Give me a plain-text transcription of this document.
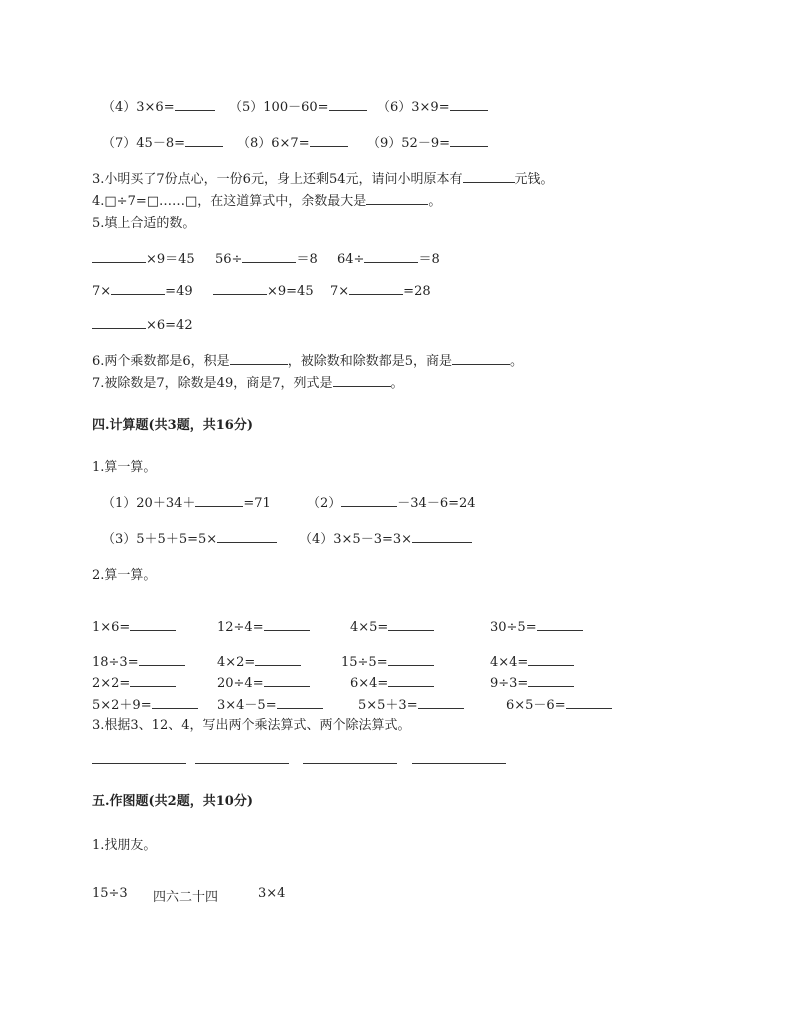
（4）3×6=	（5）100－60=	（6）3×9=
（7）45－8=	（8）6×7=	（9）52－9=
3.小明买了7份点心，一份6元，身上还剩54元，请问小明原本有	元钱。
4.□÷7=□……□，在这道算式中，余数最大是	。
5.填上合适的数。
×9＝45 56÷	＝8 64÷	＝8
7×	=49	×9=45 7×	=28
×6=42
6.两个乘数都是6，积是	，被除数和除数都是5，商是	。
7.被除数是7，除数是49，商是7，列式是	。
四.计算题(共3题，共16分)
1.算一算。
（1）20＋34＋	=71	（2）	－34－6=24
（3）5＋5＋5=5×	（4）3×5－3=3×
2.算一算。
1×6=	12÷4=	4×5=	30÷5=
18÷3=	4×2=	15÷5=	4×4=
2×2=	20÷4=	6×4=	9÷3=
5×2＋9=	3×4－5=	5×5＋3=	6×5－6=
3.根据3、12、4，写出两个乘法算式、两个除法算式。
五.作图题(共2题，共10分)
1.找朋友。
15÷3 四六二十四	3×4
